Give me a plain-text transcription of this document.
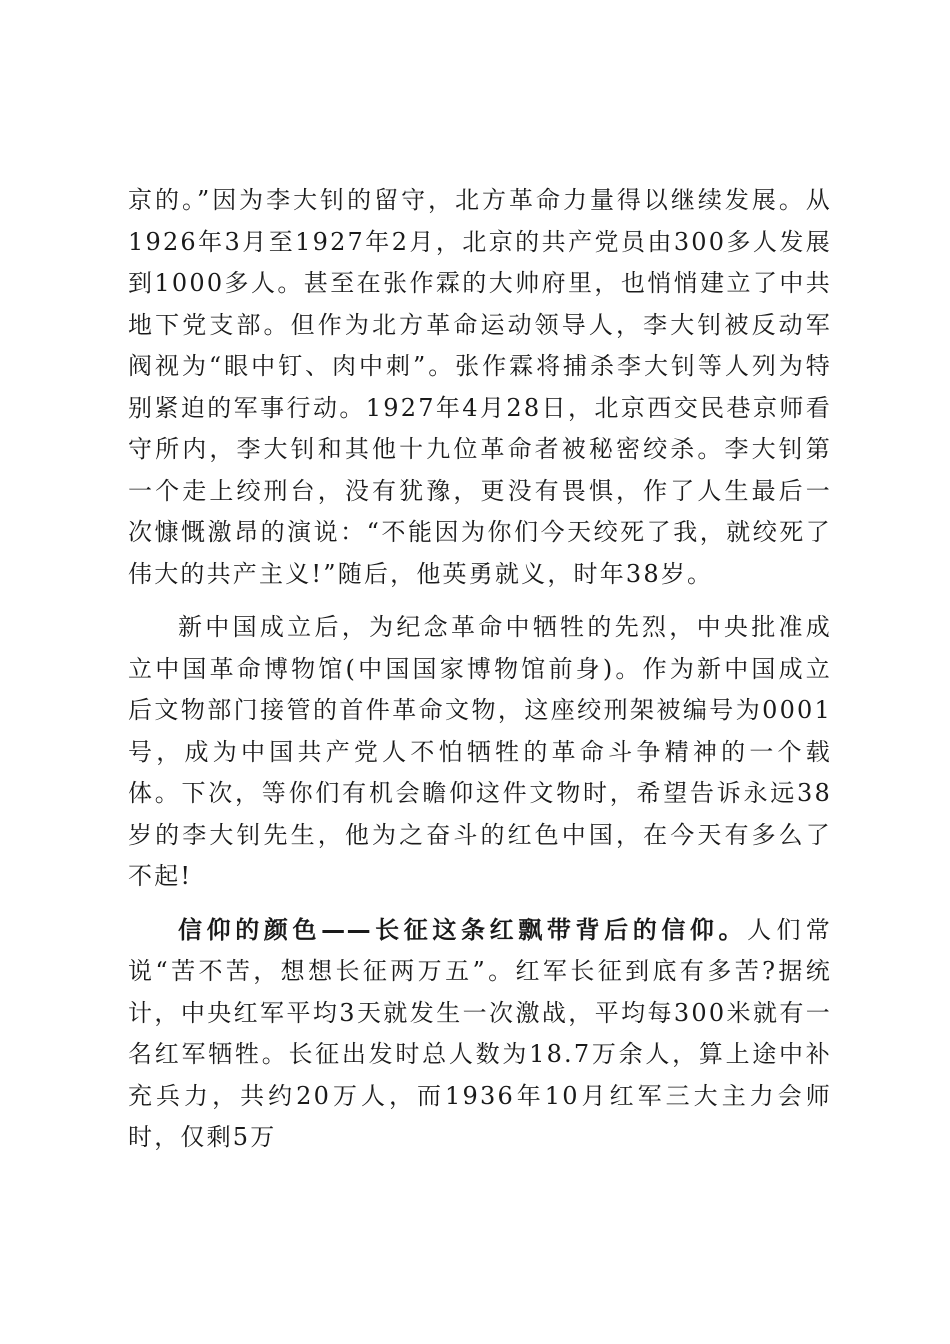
京的。”因为李大钊的留守，北方革命力量得以继续发展。从1926年3月至1927年2月，北京的共产党员由300多人发展到1000多人。甚至在张作霖的大帅府里，也悄悄建立了中共地下党支部。但作为北方革命运动领导人，李大钊被反动军阀视为“眼中钉、肉中刺”。张作霖将捕杀李大钊等人列为特别紧迫的军事行动。1927年4月28日，北京西交民巷京师看守所内，李大钊和其他十九位革命者被秘密绞杀。李大钊第一个走上绞刑台，没有犹豫，更没有畏惧，作了人生最后一次慷慨激昂的演说：“不能因为你们今天绞死了我，就绞死了伟大的共产主义!”随后，他英勇就义，时年38岁。

新中国成立后，为纪念革命中牺牲的先烈，中央批准成立中国革命博物馆(中国国家博物馆前身)。作为新中国成立后文物部门接管的首件革命文物，这座绞刑架被编号为0001号，成为中国共产党人不怕牺牲的革命斗争精神的一个载体。下次，等你们有机会瞻仰这件文物时，希望告诉永远38岁的李大钊先生，他为之奋斗的红色中国，在今天有多么了不起!

信仰的颜色——长征这条红飘带背后的信仰。人们常说“苦不苦，想想长征两万五”。红军长征到底有多苦?据统计，中央红军平均3天就发生一次激战，平均每300米就有一名红军牺牲。长征出发时总人数为18.7万余人，算上途中补充兵力，共约20万人，而1936年10月红军三大主力会师时，仅剩5万
